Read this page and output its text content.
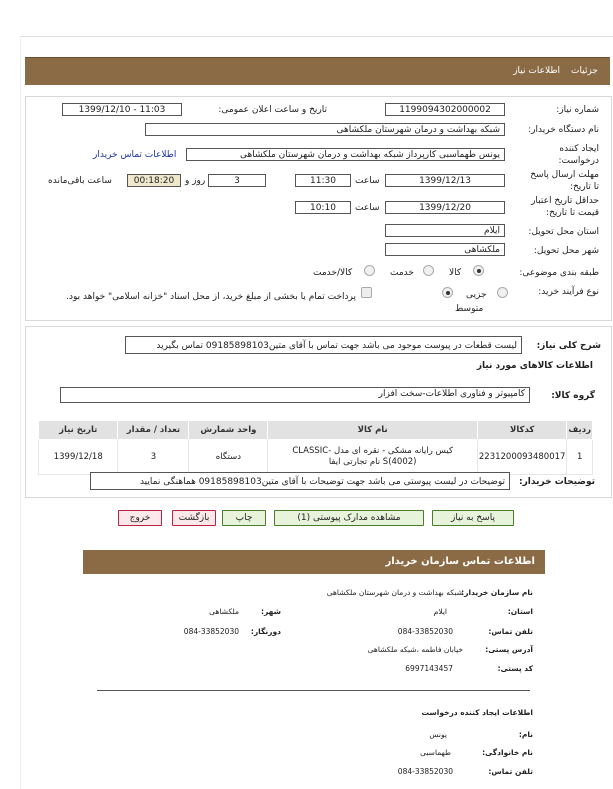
جزئیات
اطلاعات نیاز
شماره نیاز:
1199094302000002
تاریخ و ساعت اعلان عمومی:
1399/12/10 - 11:03
نام دستگاه خریدار:
شبکه بهداشت و درمان شهرستان ملکشاهی
ایجاد کننده درخواست:
یونس طهماسبی کارپرداز شبکه بهداشت و درمان شهرستان ملکشاهی
اطلاعات تماس خریدار
مهلت ارسال پاسخ تا تاریخ:
1399/12/13
ساعت
11:30
3
روز و
00:18:20
ساعت باقی‌مانده
حداقل تاریخ اعتبار قیمت تا تاریخ:
1399/12/20
ساعت
10:10
استان محل تحویل:
ایلام
شهر محل تحویل:
ملکشاهی
طبقه بندی موضوعی:
کالا
خدمت
کالا/خدمت
نوع فرآیند خرید:
جزیی
متوسط
پرداخت تمام یا بخشی از مبلغ خرید، از محل اسناد "خزانه اسلامی" خواهد بود.
شرح کلی نیاز:
لیست قطعات در پیوست موجود می باشد جهت تماس با آقای متین09185898103 تماس بگیرید
اطلاعات کالاهای مورد نیاز
گروه کالا:
کامپیوتر و فناوری اطلاعات-سخت افزار
ردیف	کدکالا	نام کالا	واحد شمارش	تعداد / مقدار	تاریخ نیاز
1	2231200093480017	کیس رایانه مشکی - نقره ای مدل CLASSIC-S(4002) نام تجارتی ایفا	دستگاه	3	1399/12/18
توضیحات خریدار:
توضیحات در لیست پیوستی می باشد جهت توضیحات با آقای متین09185898103 هماهنگی نمایید
پاسخ به نیاز
مشاهده مدارک پیوستی (1)
چاپ
بازگشت
خروج
اطلاعات تماس سازمان خریدار
نام سازمان خریدار:
شبکه بهداشت و درمان شهرستان ملکشاهی
استان:
ایلام
شهر:
ملکشاهی
تلفن تماس:
084-33852030
دورنگار:
084-33852030
آدرس پستی:
خیابان فاطمه ،شبکه ملکشاهی
کد پستی:
6997143457
اطلاعات ایجاد کننده درخواست
نام:
یونس
نام خانوادگی:
طهماسبی
تلفن تماس:
084-33852030
